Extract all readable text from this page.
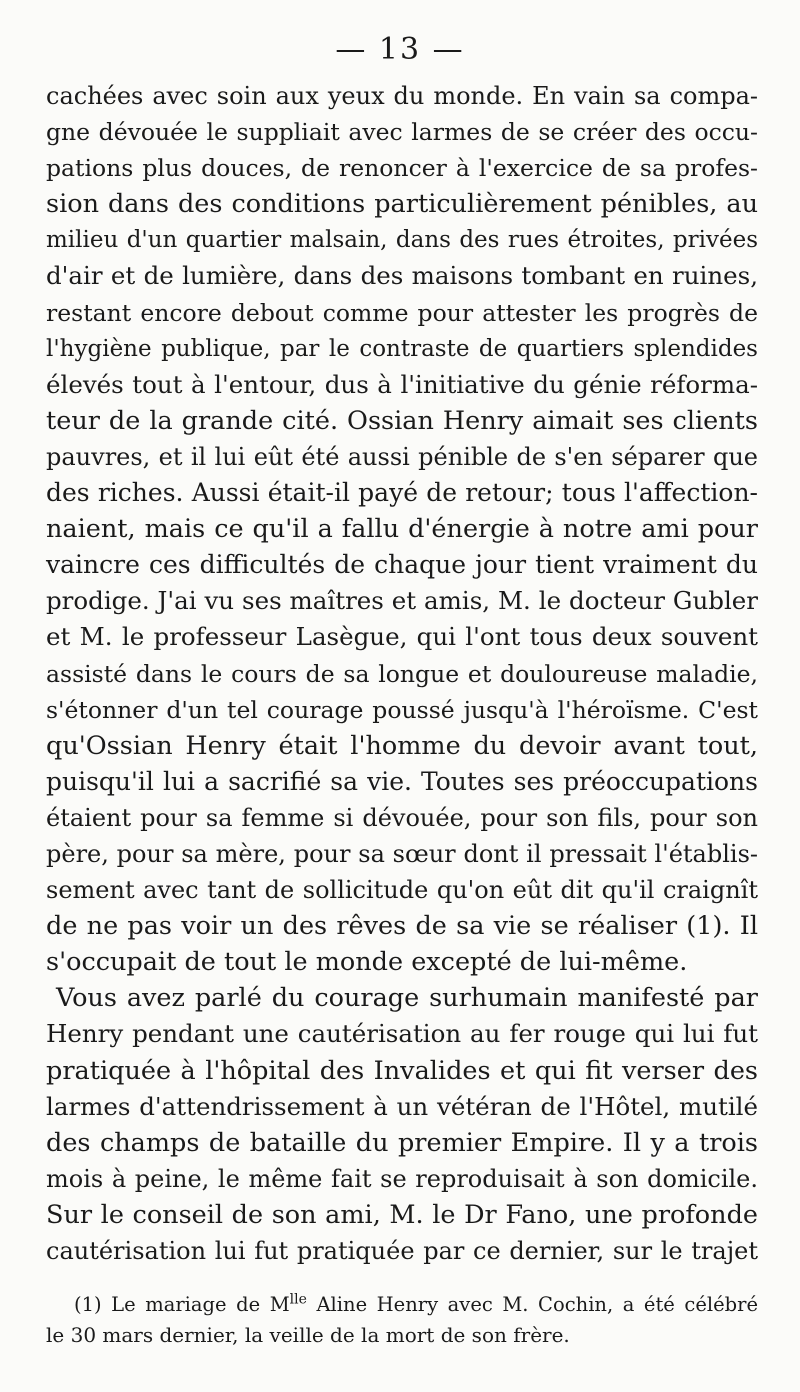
— 13 —
cachées avec soin aux yeux du monde. En vain sa compa-
gne dévouée le suppliait avec larmes de se créer des occu-
pations plus douces, de renoncer à l'exercice de sa profes-
sion dans des conditions particulièrement pénibles, au
milieu d'un quartier malsain, dans des rues étroites, privées
d'air et de lumière, dans des maisons tombant en ruines,
restant encore debout comme pour attester les progrès de
l'hygiène publique, par le contraste de quartiers splendides
élevés tout à l'entour, dus à l'initiative du génie réforma-
teur de la grande cité. Ossian Henry aimait ses clients
pauvres, et il lui eût été aussi pénible de s'en séparer que
des riches. Aussi était-il payé de retour; tous l'affection-
naient, mais ce qu'il a fallu d'énergie à notre ami pour
vaincre ces difficultés de chaque jour tient vraiment du
prodige. J'ai vu ses maîtres et amis, M. le docteur Gubler
et M. le professeur Lasègue, qui l'ont tous deux souvent
assisté dans le cours de sa longue et douloureuse maladie,
s'étonner d'un tel courage poussé jusqu'à l'héroïsme. C'est
qu'Ossian Henry était l'homme du devoir avant tout,
puisqu'il lui a sacrifié sa vie. Toutes ses préoccupations
étaient pour sa femme si dévouée, pour son fils, pour son
père, pour sa mère, pour sa sœur dont il pressait l'établis-
sement avec tant de sollicitude qu'on eût dit qu'il craignît
de ne pas voir un des rêves de sa vie se réaliser (1). Il
s'occupait de tout le monde excepté de lui-même.
Vous avez parlé du courage surhumain manifesté par
Henry pendant une cautérisation au fer rouge qui lui fut
pratiquée à l'hôpital des Invalides et qui fit verser des
larmes d'attendrissement à un vétéran de l'Hôtel, mutilé
des champs de bataille du premier Empire. Il y a trois
mois à peine, le même fait se reproduisait à son domicile.
Sur le conseil de son ami, M. le Dr Fano, une profonde
cautérisation lui fut pratiquée par ce dernier, sur le trajet
(1) Le mariage de $M^{lle}$ Aline Henry avec M. Cochin, a été célébré
le 30 mars dernier, la veille de la mort de son frère.
